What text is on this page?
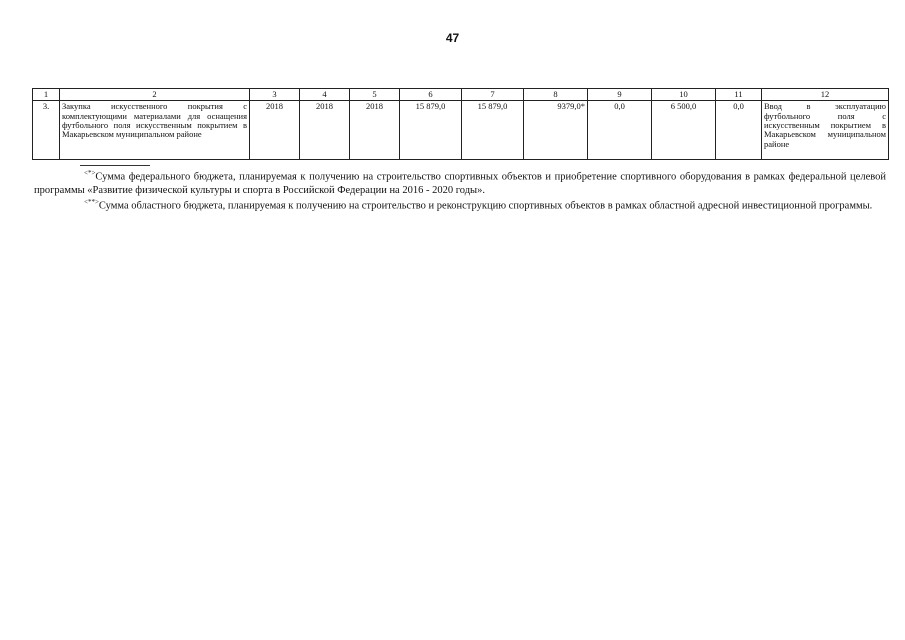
47
1	2	3	4	5	6	7	8	9	10	11	12
3.	Закупка искусственного покрытия с комплектующими материалами для оснащения футбольного поля искусственным покрытием в Макарьевском муниципальном районе	2018	2018	2018	15 879,0	15 879,0	9379,0*	0,0	6 500,0	0,0	Ввод в эксплуатацию футбольного поля с искусственным покрытием в Макарьевском муниципальном районе

<*>Сумма федерального бюджета, планируемая к получению на строительство спортивных объектов и приобретение спортивного оборудования в рамках федеральной целевой программы «Развитие физической культуры и спорта в Российской Федерации на 2016 - 2020 годы».

<**>Сумма областного бюджета, планируемая к получению на строительство и реконструкцию спортивных объектов в рамках областной адресной инвестиционной программы.
